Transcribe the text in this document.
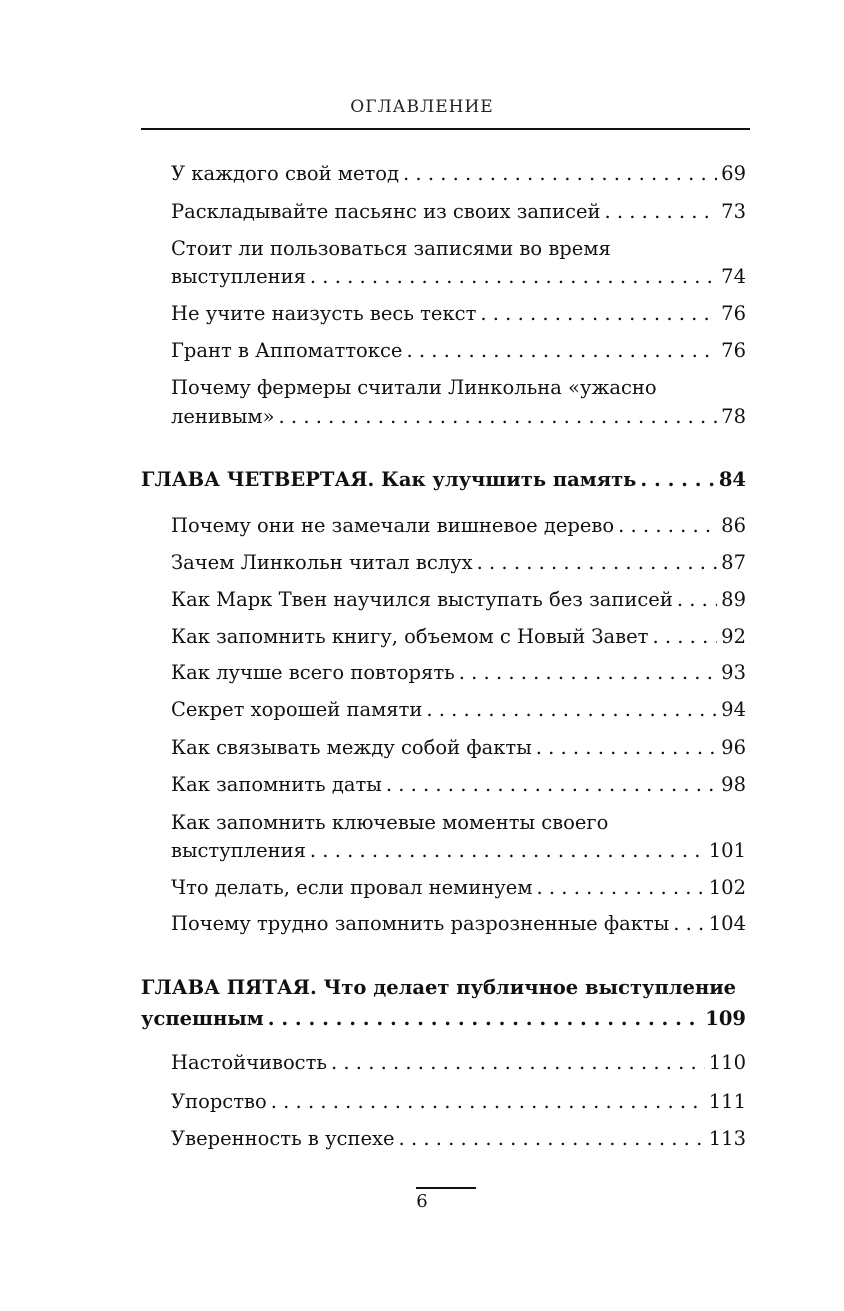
ОГЛАВЛЕНИЕ
У каждого свой метод . . .	69
Раскладывайте пасьянс из своих записей . . .	73
Стоит ли пользоваться записями во время
выступления . . .	74
Не учите наизусть весь текст . . .	76
Грант в Аппоматтоксе . . .	76
Почему фермеры считали Линкольна «ужасно
ленивым» . . .	78
ГЛАВА ЧЕТВЕРТАЯ. Как улучшить память . . .	84
Почему они не замечали вишневое дерево . . .	86
Зачем Линкольн читал вслух . . .	87
Как Марк Твен научился выступать без записей . . . 89
Как запомнить книгу, объемом с Новый Завет . . .	92
Как лучше всего повторять . . .	93
Секрет хорошей памяти . . .	94
Как связывать между собой факты . . .	96
Как запомнить даты . . .	98
Как запомнить ключевые моменты своего
выступления . . .	101
Что делать, если провал неминуем . . .	102
Почему трудно запомнить разрозненные факты . . . 104
ГЛАВА ПЯТАЯ. Что делает публичное выступление
успешным . . .	109
Настойчивость . . .	110
Упорство . . .	111
Уверенность в успехе . . .	113
6
